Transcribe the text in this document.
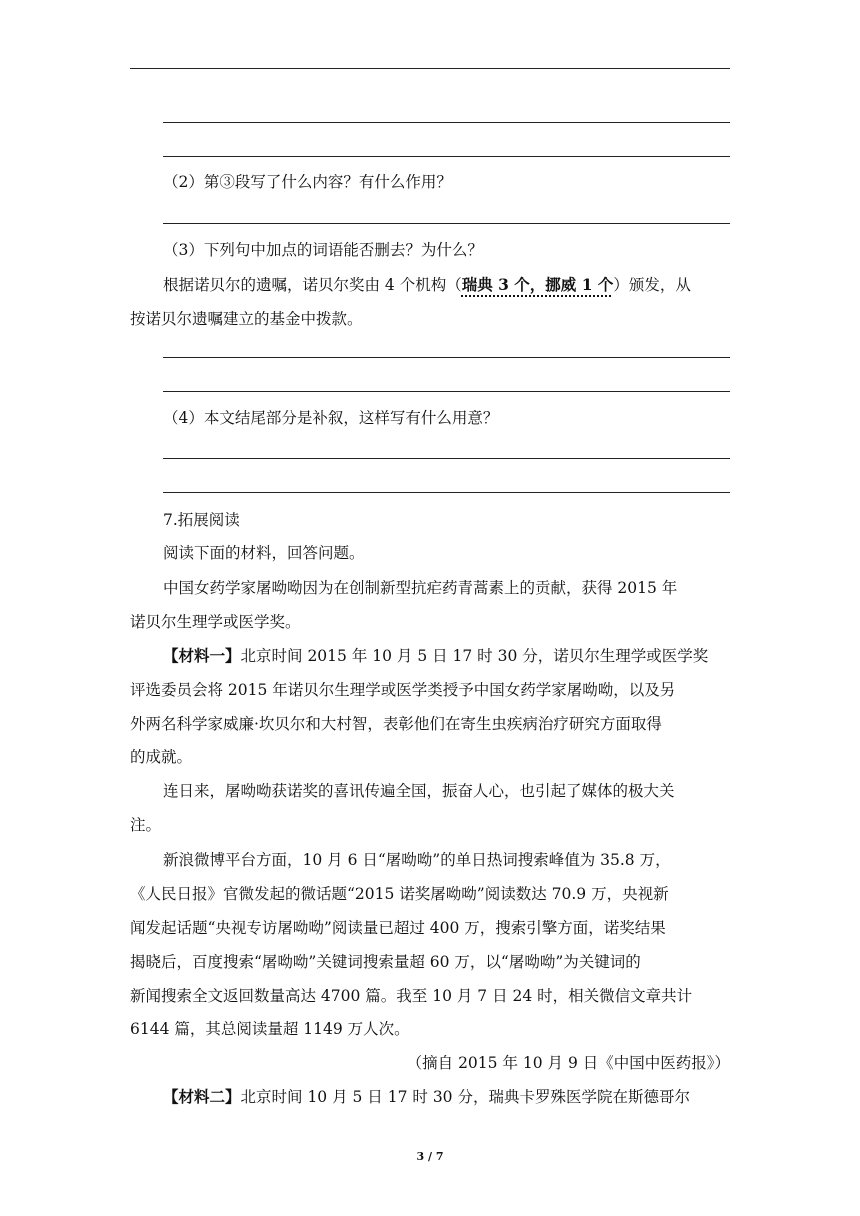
（2）第③段写了什么内容？有什么作用？
（3）下列句中加点的词语能否删去？为什么？
根据诺贝尔的遗嘱，诺贝尔奖由 4 个机构（瑞典 3 个，挪威 1 个）颁发，从
按诺贝尔遗嘱建立的基金中拨款。
（4）本文结尾部分是补叙，这样写有什么用意？
7.拓展阅读
阅读下面的材料，回答问题。
中国女药学家屠呦呦因为在创制新型抗疟药青蒿素上的贡献，获得 2015 年
诺贝尔生理学或医学奖。
【材料一】北京时间 2015 年 10 月 5 日 17 时 30 分，诺贝尔生理学或医学奖
评选委员会将 2015 年诺贝尔生理学或医学类授予中国女药学家屠呦呦，以及另
外两名科学家威廉·坎贝尔和大村智，表彰他们在寄生虫疾病治疗研究方面取得
的成就。
连日来，屠呦呦获诺奖的喜讯传遍全国，振奋人心，也引起了媒体的极大关
注。
新浪微博平台方面，10 月 6 日“屠呦呦”的单日热词搜索峰值为 35.8 万，
《人民日报》官微发起的微话题“2015 诺奖屠呦呦”阅读数达 70.9 万，央视新
闻发起话题“央视专访屠呦呦”阅读量已超过 400 万，搜索引擎方面，诺奖结果
揭晓后，百度搜索“屠呦呦”关键词搜索量超 60 万，以“屠呦呦”为关键词的
新闻搜索全文返回数量高达 4700 篇。我至 10 月 7 日 24 时，相关微信文章共计
6144 篇，其总阅读量超 1149 万人次。
（摘自 2015 年 10 月 9 日《中国中医药报》）
【材料二】北京时间 10 月 5 日 17 时 30 分，瑞典卡罗殊医学院在斯德哥尔
3 / 7
